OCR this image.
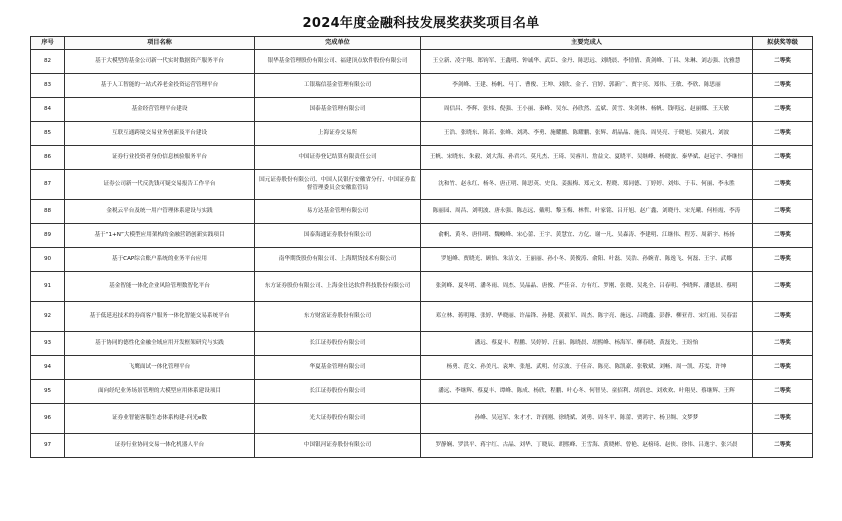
2024年度金融科技发展奖获奖项目名单
序号	项目名称	完成单位	主要完成人	拟获奖等级
82	基于大模型的基金公司新一代实时数据资产服务平台	银华基金管理股份有限公司、福建顶点软件股份有限公司	王立新、凌宇翔、郑钧军、王鑫明、钟诚华、武臣、金丹、陈思远、刘晓晨、李情情、黄剑峰、丁昌、朱琳、刘志强、沈雅慧	二等奖
83	基于人工智能的一站式养老金投资运营管理平台	工银瑞信基金管理有限公司	李剑峰、王建、杨帆、马丁、曹俊、王坤、刘欣、金子、宫婷、郭新广、贾宇亮、郑伟、王敏、李欣、陈思丽	二等奖
84	基金经营管理平台建设	国泰基金管理有限公司	周信昌、李辉、张炜、倪强、王小丽、秦峰、吴东、孙欣然、孟斌、黄雪、朱剑林、杨帆、钱明远、赵丽娜、王天敏	二等奖
85	互联互通跨境交易业务创新及平台建设	上海证券交易所	王浩、张晓东、陈若、张峰、刘鸿、李勇、施耀鹏、陈耀鹏、张辉、胡晶晶、施良、周昊亮、于晓旭、吴毅凡、刘波	二等奖
86	证券行业投资者身份信息核验服务平台	中国证券登记结算有限责任公司	王帆、宋晓东、朱毅、刘大海、孙君兴、莫凡杰、王琦、吴睿川、詹益文、夏晓平、吴继峰、杨晓波、秦华斌、赵冠宇、李继恒	二等奖
87	证券公司新一代反洗钱可疑交易报告工作平台	国元证券股份有限公司、中国人民银行安徽省分行、中国证券监督管理委员会安徽监管局	沈和竹、赵永红、杨冬、唐正明、陈思英、史良、姜振梅、郑元文、程晓、郑同德、丁婷婷、刘炜、于韦、何丽、李永胜	二等奖
88	金税云平台及统一用户管理体系建设与实践	易方达基金管理有限公司	陈丽园、周昌、刘明波、唐永强、陈志远、戴明、黎玉梅、林哲、叶家铭、吕开旭、赵广鑫、刘晓丹、宋光曦、何桂霞、李涛	二等奖
89	基于“1+N”大模型应用架构的金融营销创新实践项目	国泰海通证券股份有限公司	俞帆、黄冬、唐伟明、魏峻峰、宋心蕾、王宇、黄慧宜、方亿、谢一凡、吴森涛、李建明、江继伟、程芳、周新宇、杨扬	二等奖
90	基于CAP综合账户系统的业务平台应用	南华期货股份有限公司、上海期货技术有限公司	罗旭峰、贾晓光、顾怡、朱洁文、王丽丽、孙小冬、黄俊涛、俞阳、叶磊、吴浩、孙婉青、陈逸飞、何磊、王宇、武娜	二等奖
91	基金智能一体化企业风险管理数智化平台	东方证券股份有限公司、上海金仕达软件科技股份有限公司	张剑峰、夏冬明、潘冬雨、周杰、吴晶晶、唐俊、严佳音、方有红、罗刚、张晓、吴兆全、吕春明、李晓辉、潘恩晨、蔡明	二等奖
92	基于低延迟技术的券商客户服务一体化智能交易系统平台	东方财富证券股份有限公司	邓立林、蒋明翔、张婷、华晓丽、许晶锋、孙健、黄毅军、周杰、陈宇亮、施远、吕晓鑫、彭静、柳亚青、宋红雨、吴春雷	二等奖
93	基于协同的德性化金融全域应用开发框架研究与实践	长江证券股份有限公司	潘远、蔡夏丰、程鹏、吴婷婷、汪丽、陈晓晨、胡熙峰、杨海军、柳春晓、黄磊先、王盼怡	二等奖
94	飞鹰面试一体化管理平台	华夏基金管理有限公司	杨勇、范文、孙美凡、袁坤、张旭、武明、付京波、于佳音、陈亮、陈凯豪、张敬斌、刘畅、周一凯、苏雯、许坤	二等奖
95	面向经纪业务场景管理的大模型应用体系建设项目	长江证券股份有限公司	潘远、李继辉、蔡夏丰、谭峰、陈成、杨欣、程鹏、叶心冬、何智昊、童招利、胡润忠、刘欢欢、叶翔昊、蔡继辉、王辉	二等奖
96	证券业智能客服生态体系构建-问光e数	光大证券股份有限公司	孙峰、吴冠军、朱才才、许润刚、徐晓斌、刘勇、周冬平、陈蕾、贾鸿宇、杨卫绸、文梦梦	二等奖
97	证券行业协同交易一体化机器人平台	中国银河证券股份有限公司	罗静娴、罗洪平、蒋宇红、古晶、刘华、丁晓辰、胡熙峰、王雪海、黄晓彬、曾艳、赵榜琦、赵侠、徐伟、吕逸宇、张兴晨	二等奖
